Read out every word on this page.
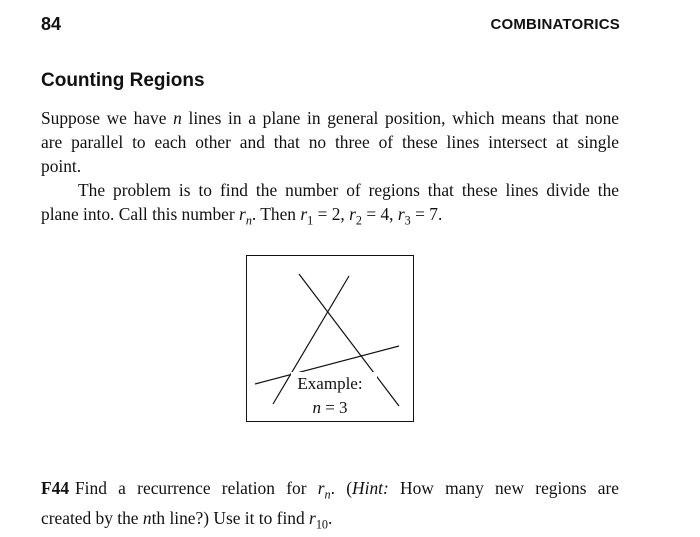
84	COMBINATORICS
Counting Regions
Suppose we have n lines in a plane in general position, which means that none
are parallel to each other and that no three of these lines intersect at single
point.
The problem is to find the number of regions that these lines divide the
plane into. Call this number $r_n$. Then $r_1 = 2$, $r_2 = 4$, $r_3 = 7$.
Example:
n = 3
F44 Find a recurrence relation for $r_n$. (Hint: How many new regions are
created by the nth line?) Use it to find $r_{10}$.
